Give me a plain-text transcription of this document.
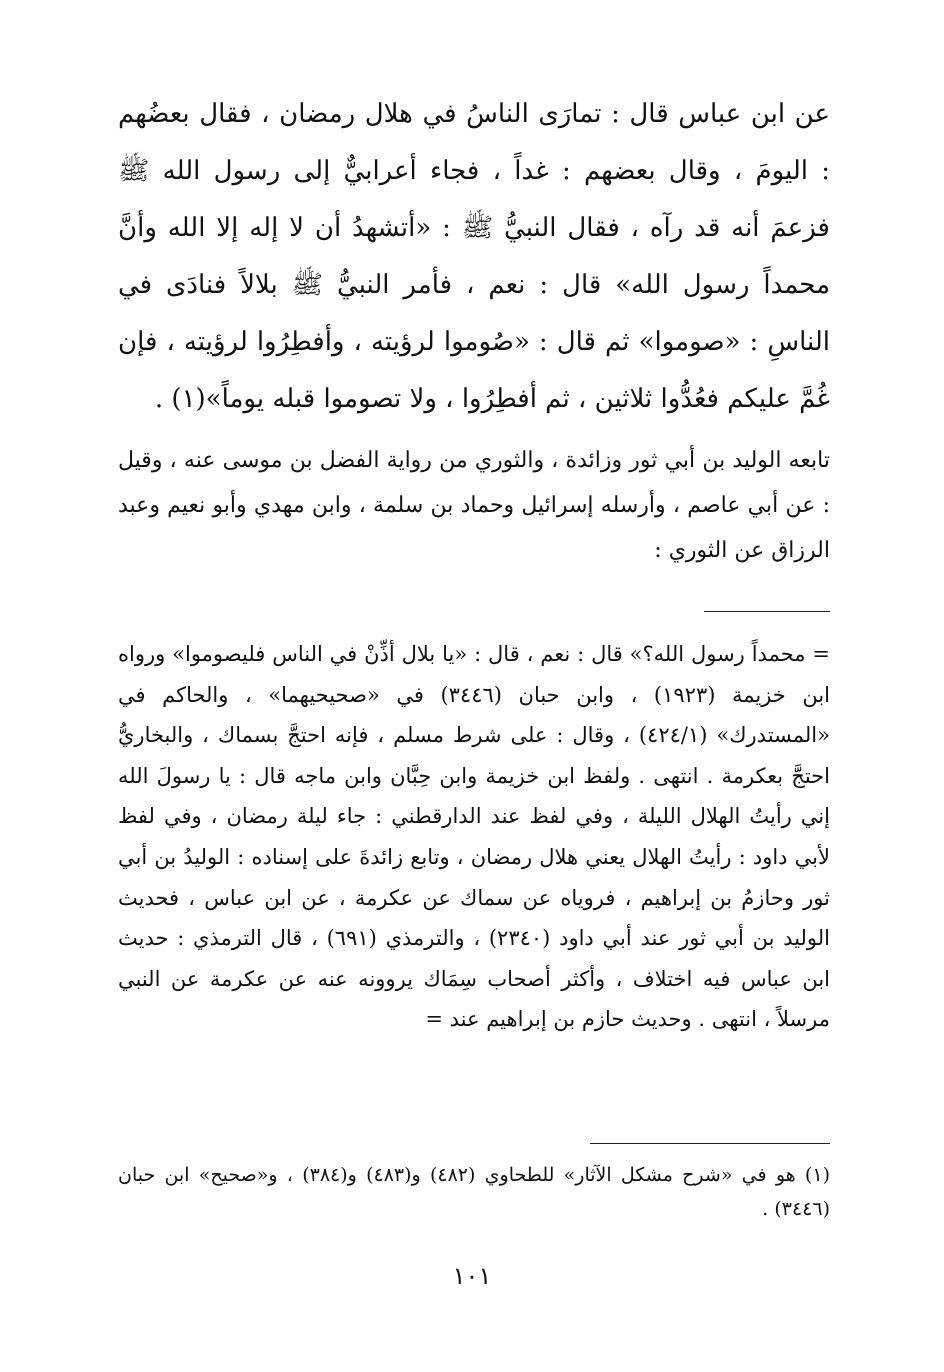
عن ابن عباس قال : تمارَى الناسُ في هلال رمضان ، فقال بعضُهم : اليومَ ، وقال بعضهم : غداً ، فجاء أعرابيٌّ إلى رسول الله ﷺ فزعمَ أنه قد رآه ، فقال النبيُّ ﷺ : «أتشهدُ أن لا إله إلا الله وأنَّ محمداً رسول الله» قال : نعم ، فأمر النبيُّ ﷺ بلالاً فنادَى في الناسِ : «صوموا» ثم قال : «صُوموا لرؤيته ، وأفطِرُوا لرؤيته ، فإن غُمَّ عليكم فعُدُّوا ثلاثين ، ثم أفطِرُوا ، ولا تصوموا قبله يوماً»(١) .

تابعه الوليد بن أبي ثور وزائدة ، والثوري من رواية الفضل بن موسى عنه ، وقيل : عن أبي عاصم ، وأرسله إسرائيل وحماد بن سلمة ، وابن مهدي وأبو نعيم وعبد الرزاق عن الثوري :

= محمداً رسول الله؟» قال : نعم ، قال : «يا بلال أذِّنْ في الناس فليصوموا» ورواه ابن خزيمة (١٩٢٣) ، وابن حبان (٣٤٤٦) في «صحيحيهما» ، والحاكم في «المستدرك» (٤٢٤/١) ، وقال : على شرط مسلم ، فإنه احتجَّ بسماك ، والبخاريُّ احتجَّ بعكرمة . انتهى . ولفظ ابن خزيمة وابن حِبَّان وابن ماجه قال : يا رسولَ الله إني رأيتُ الهلال الليلة ، وفي لفظ عند الدارقطني : جاء ليلة رمضان ، وفي لفظ لأبي داود : رأيتُ الهلال يعني هلال رمضان ، وتابع زائدةَ على إسناده : الوليدُ بن أبي ثور وحازمُ بن إبراهيم ، فروياه عن سماك عن عكرمة ، عن ابن عباس ، فحديث الوليد بن أبي ثور عند أبي داود (٢٣٤٠) ، والترمذي (٦٩١) ، قال الترمذي : حديث ابن عباس فيه اختلاف ، وأكثر أصحاب سِمَاك يروونه عنه عن عكرمة عن النبي مرسلاً ، انتهى . وحديث حازم بن إبراهيم عند =

(١) هو في «شرح مشكل الآثار» للطحاوي (٤٨٢) و(٤٨٣) و(٣٨٤) ، و«صحيح» ابن حبان (٣٤٤٦) .

١٠١
